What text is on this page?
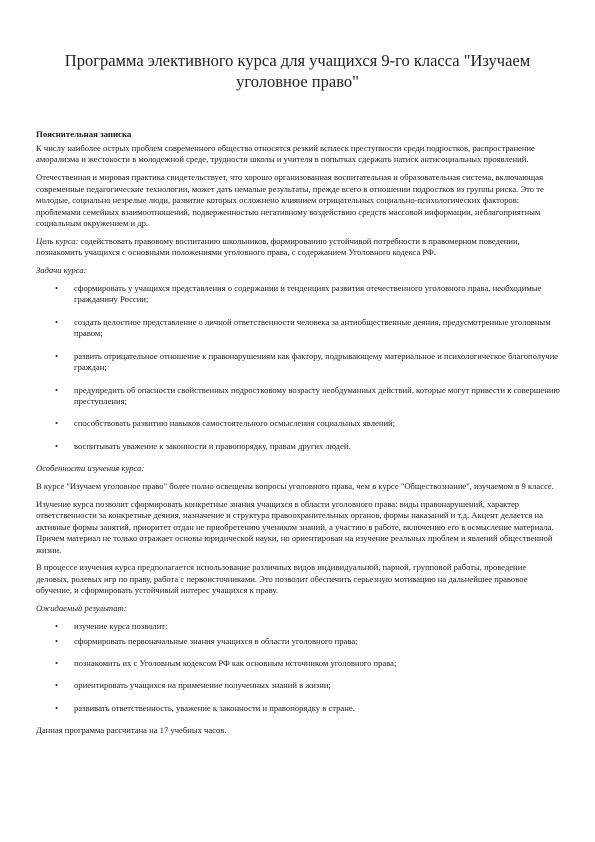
Программа элективного курса для учащихся 9-го класса "Изучаем уголовное право"
Пояснительная записка

К числу наиболее острых проблем современного общества относятся резкий всплеск преступности среди подростков, распространение аморализма и жестокости в молодежной среде, трудности школы и учителя в попытках сдержать натиск антисоциальных проявлений.

Отечественная и мировая практика свидетельствует, что хорошо организованная воспитательная и образовательная система, включающая современные педагогические технологии, может дать немалые результаты, прежде всего в отношении подростков из группы риска. Это те молодые, социально незрелые люди, развитие которых осложнено влиянием отрицательных социально-психологических факторов: проблемами семейных взаимоотношений, подверженностью негативному воздействию средств массовой информации, неблагоприятным социальным окружением и др.

Цель курса: содействовать правовому воспитанию школьников, формированию устойчивой потребности в правомерном поведении, познакомить учащихся с основными положениями уголовного права, с содержанием Уголовного кодекса РФ.

Задачи курса:

• сформировать у учащихся представления о содержании и тенденциях развития отечественного уголовного права, необходимые гражданину России;
• создать целостное представление о личной ответственности человека за антиобщественные деяния, предусмотренные уголовным правом;
• развить отрицательное отношение к правонарушениям как фактору, подрывающему материальное и психологическое благополучие граждан;
• предупредить об опасности свойственных подростковому возрасту необдуманных действий, которые могут привести к совершению преступления;
• способствовать развитию навыков самостоятельного осмысления социальных явлений;
• воспитывать уважение к законности и правопорядку, правам других людей.

Особенности изучения курса:

В курсе "Изучаем уголовное право" более полно освещены вопросы уголовного права, чем в курсе "Обществознание", изучаемом в 9 классе.

Изучение курса позволит сформировать конкретные знания учащихся в области уголовного права: виды правонарушений, характер ответственности за конкретные деяния, назначение и структура правоохранительных органов, формы наказаний и т.д. Акцент делается на активные формы занятий, приоритет отдан не приобретению учеником знаний, а участию в работе, включению его в осмысление материала. Причем материал не только отражает основы юридической науки, но ориентирован на изучение реальных проблем и явлений общественной жизни.

В процессе изучения курса предполагается использование различных видов индивидуальной, парной, групповой работы, проведение деловых, ролевых игр по праву, работа с первоисточниками. Это позволит обеспечить серьезную мотивацию на дальнейшее правовое обучение, и сформировать устойчивый интерес учащихся к праву.

Ожидаемый результат:

• изучение курса позволит:
• сформировать первоначальные знания учащихся в области уголовного права;
• познакомить их с Уголовным кодексом РФ как основным источником уголовного права;
• ориентировать учащихся на применение полученных знаний в жизни;
• развивать ответственность, уважение к законности и правопорядку в стране.

Данная программа рассчитана на 17 учебных часов.
